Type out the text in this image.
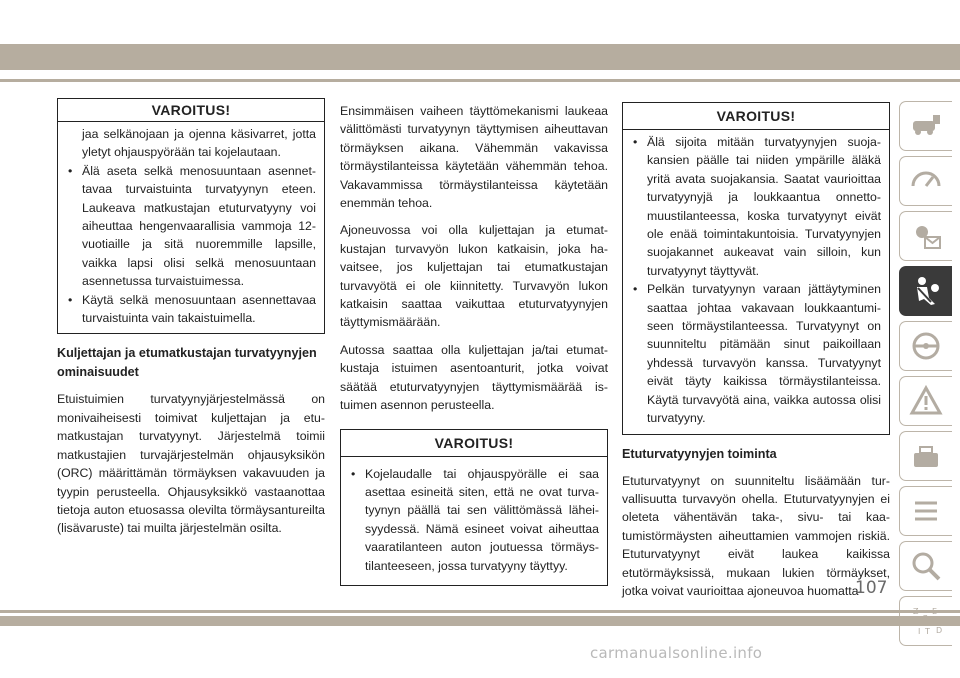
VAROITUS!
jaa selkänojaan ja ojenna käsivarret, jotta yletyt ohjauspyörään tai kojelautaan.
• Älä aseta selkä menosuuntaan asennettavaa turvaistuinta turvatyynyn eteen. Laukeava matkustajan etuturvatyyny voi aiheuttaa hengenvaarallisia vammoja 12-vuotiaille ja sitä nuoremmille lapsille, vaikka lapsi olisi selkä menosuuntaan asennetussa turvaistuimessa.
• Käytä selkä menosuuntaan asennettavaa turvaistuinta vain takaistuimella.
Kuljettajan ja etumatkustajan turvatyynyjen ominaisuudet

Etuistuimien turvatyynyjärjestelmässä on monivaiheisesti toimivat kuljettajan ja etumatkustajan turvatyynyt. Järjestelmä toimii matkustajien turvajärjestelmän ohjausyksikön (ORC) määrittämän törmäyksen vakavuuden ja tyypin perusteella. Ohjausyksikkö vastaanottaa tietoja auton etuosassa olevilta törmäysantureilta (lisävaruste) tai muilta järjestelmän osilta.

Ensimmäisen vaiheen täyttömekanismi laukeaa välittömästi turvatyynyn täyttymisen aiheuttavan törmäyksen aikana. Vähemmän vakavissa törmäystilanteissa käytetään vähemmän tehoa. Vakavammissa törmäystilanteissa käytetään enemmän tehoa.

Ajoneuvossa voi olla kuljettajan ja etumatkustajan turvavyön lukon katkaisin, joka havaitsee, jos kuljettajan tai etumatkustajan turvavyötä ei ole kiinnitetty. Turvavyön lukon katkaisin saattaa vaikuttaa etuturvatyynyjen täyttymismäärään.

Autossa saattaa olla kuljettajan ja/tai etumatkustaja istuimen asentoanturit, jotka voivat säätää etuturvatyynyjen täyttymismäärää istuimen asennon perusteella.

VAROITUS!
• Kojelaudalle tai ohjauspyörälle ei saa asettaa esineitä siten, että ne ovat turvatyynyn päällä tai sen välittömässä läheisyydessä. Nämä esineet voivat aiheuttaa vaaratilanteen auton joutuessa törmäystilanteeseen, jossa turvatyyny täyttyy.
VAROITUS!
• Älä sijoita mitään turvatyynyjen suojakansien päälle tai niiden ympärille äläkä yritä avata suojakansia. Saatat vaurioittaa turvatyynyjä ja loukkaantua onnettomuustilanteessa, koska turvatyynyt eivät ole enää toimintakuntoisia. Turvatyynyjen suojakannet aukeavat vain silloin, kun turvatyynyt täyttyvät.
• Pelkän turvatyynyn varaan jättäytyminen saattaa johtaa vakavaan loukkaantumiseen törmäystilanteessa. Turvatyynyt on suunniteltu pitämään sinut paikoillaan yhdessä turvavyön kanssa. Turvatyynyt eivät täyty kaikissa törmäystilanteissa. Käytä turvavyötä aina, vaikka autossa olisi turvatyyny.
Etuturvatyynyjen toiminta

Etuturvatyynyt on suunniteltu lisäämään turvallisuutta turvavyön ohella. Etuturvatyynyjen ei oleteta vähentävän taka-, sivu- tai kaatumistörmäysten aiheuttamien vammojen riskiä. Etuturvatyynyt eivät laukea kaikissa etutörmäyksissä, mukaan lukien törmäykset, jotka voivat vaurioittaa ajoneuvoa huomatta-

D
I T
107
carmanualsonline.info
